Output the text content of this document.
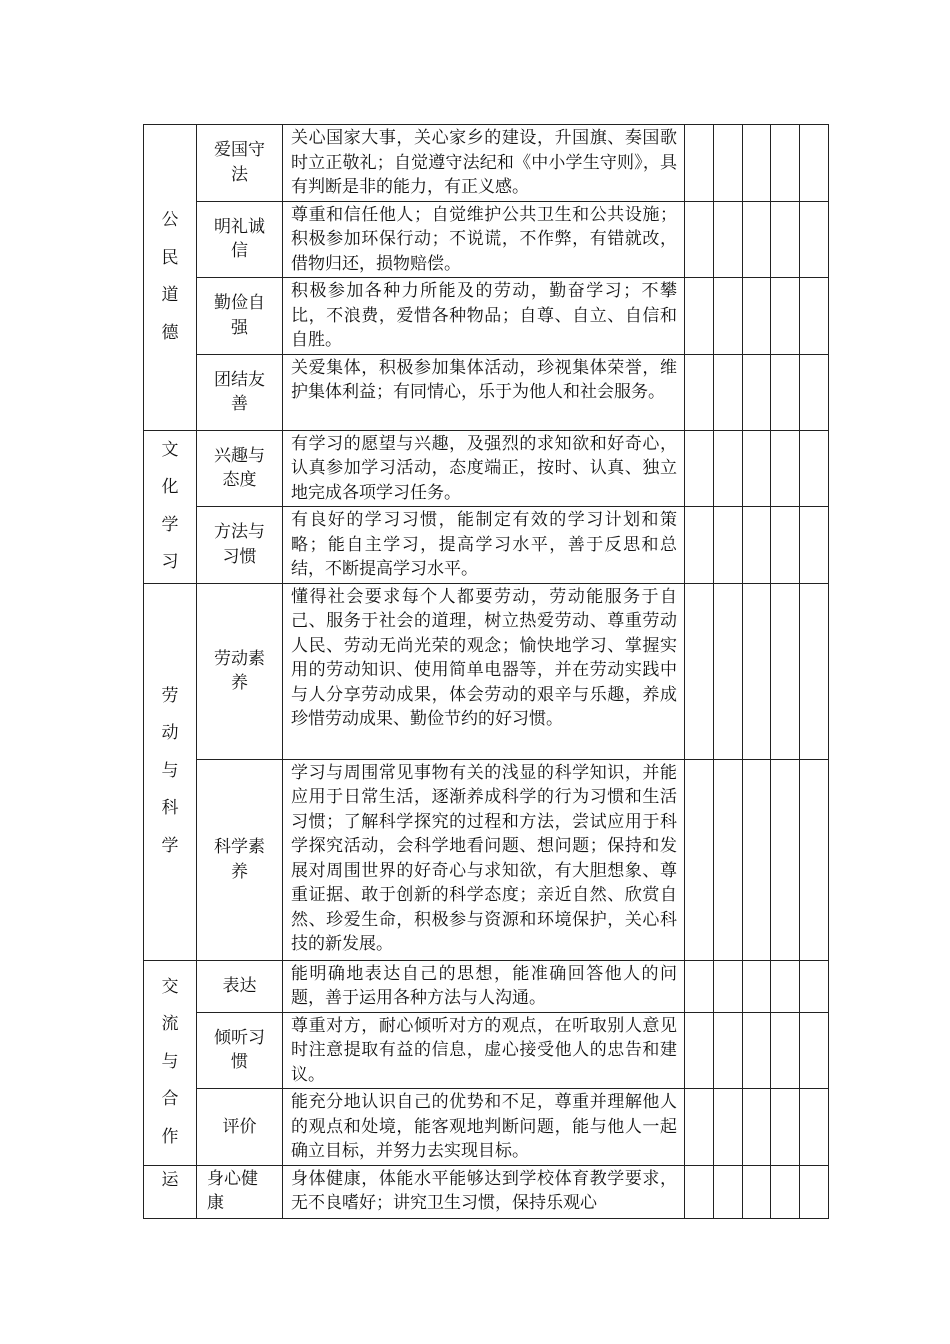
公
民
道
德	爱国守法	关心国家大事，关心家乡的建设，升国旗、奏国歌时立正敬礼；自觉遵守法纪和《中小学生守则》，具有判断是非的能力，有正义感。					
	明礼诚信	尊重和信任他人；自觉维护公共卫生和公共设施；积极参加环保行动；不说谎，不作弊，有错就改，借物归还，损物赔偿。					
	勤俭自强	积极参加各种力所能及的劳动，勤奋学习；不攀比，不浪费，爱惜各种物品；自尊、自立、自信和自胜。					
	团结友善	关爱集体，积极参加集体活动，珍视集体荣誉，维护集体利益；有同情心，乐于为他人和社会服务。					

文
化
学
习	兴趣与态度	有学习的愿望与兴趣，及强烈的求知欲和好奇心，认真参加学习活动，态度端正，按时、认真、独立地完成各项学习任务。					
	方法与习惯	有良好的学习习惯，能制定有效的学习计划和策略；能自主学习，提高学习水平，善于反思和总结，不断提高学习水平。					

劳
动
与
科
学	劳动素养	懂得社会要求每个人都要劳动，劳动能服务于自己、服务于社会的道理，树立热爱劳动、尊重劳动人民、劳动无尚光荣的观念；愉快地学习、掌握实用的劳动知识、使用简单电器等，并在劳动实践中与人分享劳动成果，体会劳动的艰辛与乐趣，养成珍惜劳动成果、勤俭节约的好习惯。					
	科学素养	学习与周围常见事物有关的浅显的科学知识，并能应用于日常生活，逐渐养成科学的行为习惯和生活习惯；了解科学探究的过程和方法，尝试应用于科学探究活动，会科学地看问题、想问题；保持和发展对周围世界的好奇心与求知欲，有大胆想象、尊重证据、敢于创新的科学态度；亲近自然、欣赏自然、珍爱生命，积极参与资源和环境保护，关心科技的新发展。					

交
流
与
合
作	表达	能明确地表达自己的思想，能准确回答他人的问题，善于运用各种方法与人沟通。					
	倾听习惯	尊重对方，耐心倾听对方的观点，在听取别人意见时注意提取有益的信息，虚心接受他人的忠告和建议。					
	评价	能充分地认识自己的优势和不足，尊重并理解他人的观点和处境，能客观地判断问题，能与他人一起确立目标，并努力去实现目标。					

运	身心健康	身体健康，体能水平能够达到学校体育教学要求，无不良嗜好；讲究卫生习惯，保持乐观心					
